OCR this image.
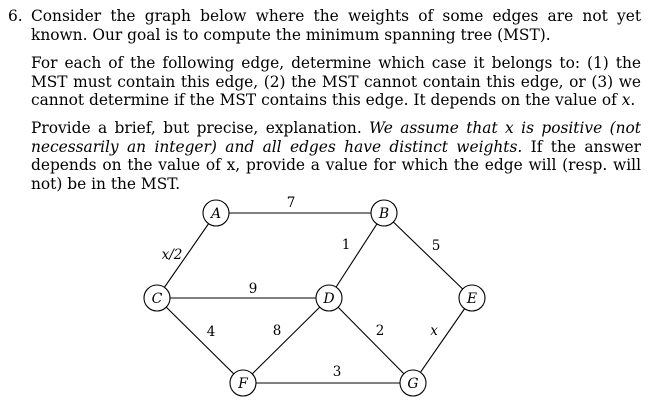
6. Consider the graph below where the weights of some edges are not yet known. Our goal is to compute the minimum spanning tree (MST).

For each of the following edge, determine which case it belongs to: (1) the MST must contain this edge, (2) the MST cannot contain this edge, or (3) we cannot determine if the MST contains this edge. It depends on the value of x.

Provide a brief, but precise, explanation. We assume that x is positive (not necessarily an integer) and all edges have distinct weights. If the answer depends on the value of x, provide a value for which the edge will (resp. will not) be in the MST.

7
x/2
1	5
9
4	8	2
3
x
A	B
C	D	E
F	G
